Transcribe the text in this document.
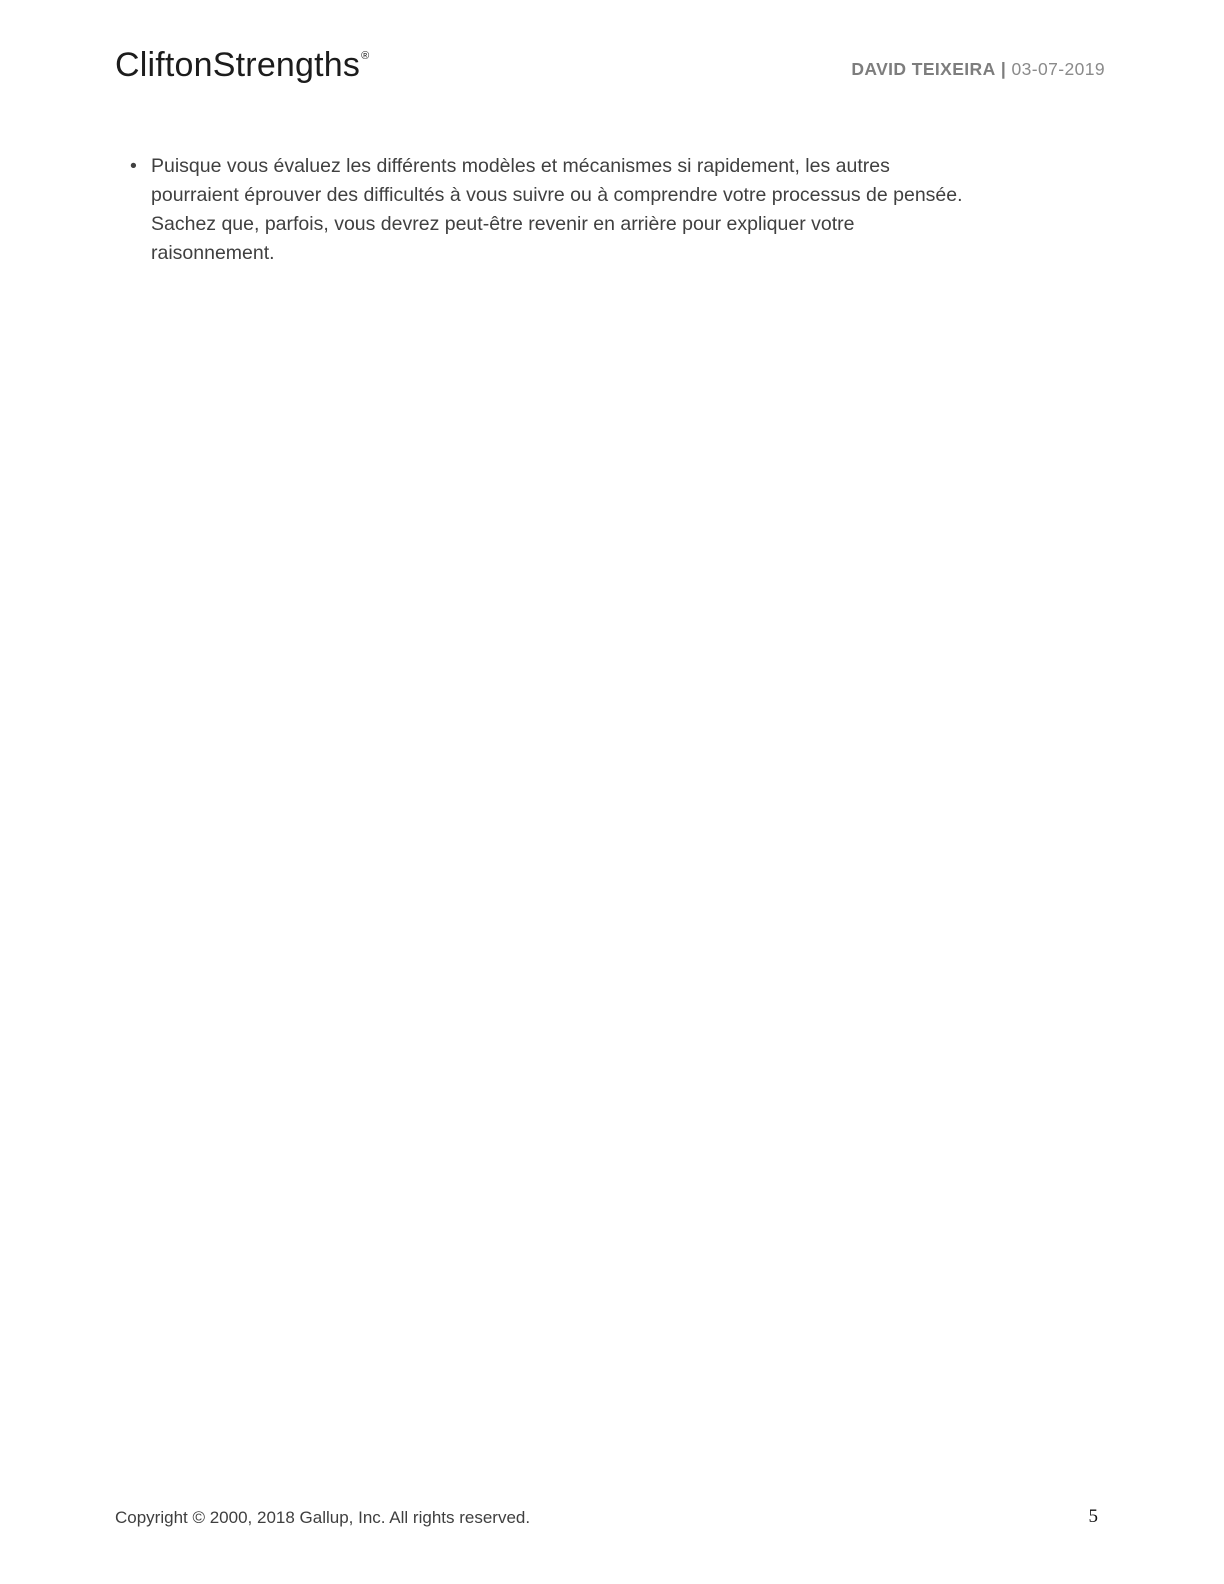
CliftonStrengths®
DAVID TEIXEIRA | 03-07-2019
• Puisque vous évaluez les différents modèles et mécanismes si rapidement, les autres pourraient éprouver des difficultés à vous suivre ou à comprendre votre processus de pensée. Sachez que, parfois, vous devrez peut-être revenir en arrière pour expliquer votre raisonnement.
Copyright © 2000, 2018 Gallup, Inc. All rights reserved.	5
